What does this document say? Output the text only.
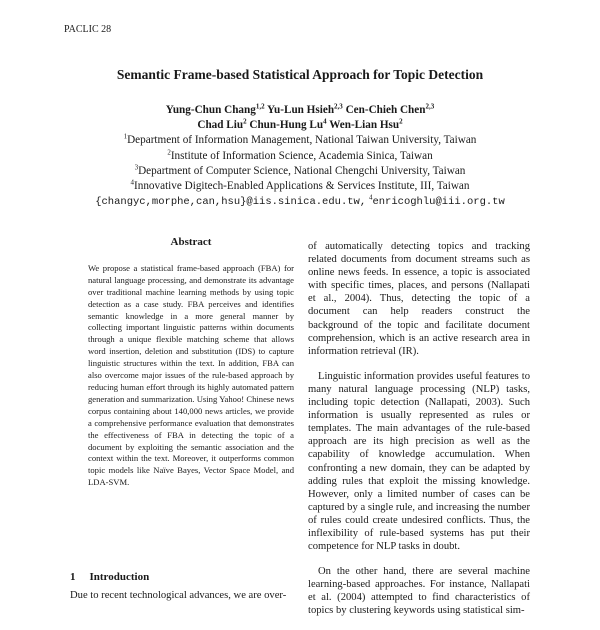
PACLIC 28
Semantic Frame-based Statistical Approach for Topic Detection
Yung-Chun Chang$^{1,2}$ Yu-Lun Hsieh$^{2,3}$ Cen-Chieh Chen$^{2,3}$
Chad Liu$^2$ Chun-Hung Lu$^4$ Wen-Lian Hsu$^2$
$^1$Department of Information Management, National Taiwan University, Taiwan
$^2$Institute of Information Science, Academia Sinica, Taiwan
$^3$Department of Computer Science, National Chengchi University, Taiwan
$^4$Innovative Digitech-Enabled Applications & Services Institute, III, Taiwan
{changyc,morphe,can,hsu}@iis.sinica.edu.tw, $^4$enricoghlu@iii.org.tw
Abstract

We propose a statistical frame-based approach (FBA) for natural language processing, and demonstrate its advantage over traditional machine learning methods by using topic detection as a case study. FBA perceives and identifies semantic knowledge in a more general manner by collecting important linguistic patterns within documents through a unique flexible matching scheme that allows word insertion, deletion and substitution (IDS) to capture linguistic structures within the text. In addition, FBA can also overcome major issues of the rule-based approach by reducing human effort through its highly automated pattern generation and summarization. Using Yahoo! Chinese news corpus containing about 140,000 news articles, we provide a comprehensive performance evaluation that demonstrates the effectiveness of FBA in detecting the topic of a document by exploiting the semantic association and the context within the text. Moreover, it outperforms common topic models like Naïve Bayes, Vector Space Model, and LDA-SVM.

1 Introduction
Due to recent technological advances, we are over-

of automatically detecting topics and tracking related documents from document streams such as online news feeds. In essence, a topic is associated with specific times, places, and persons (Nallapati et al., 2004). Thus, detecting the topic of a document can help readers construct the background of the topic and facilitate document comprehension, which is an active research area in information retrieval (IR).

Linguistic information provides useful features to many natural language processing (NLP) tasks, including topic detection (Nallapati, 2003). Such information is usually represented as rules or templates. The main advantages of the rule-based approach are its high precision as well as the capability of knowledge accumulation. When confronting a new domain, they can be adapted by adding rules that exploit the missing knowledge. However, only a limited number of cases can be captured by a single rule, and increasing the number of rules could create undesired conflicts. Thus, the inflexibility of rule-based systems has put their competence for NLP tasks in doubt.

On the other hand, there are several machine learning-based approaches. For instance, Nallapati et al. (2004) attempted to find characteristics of topics by clustering keywords using statistical sim-
